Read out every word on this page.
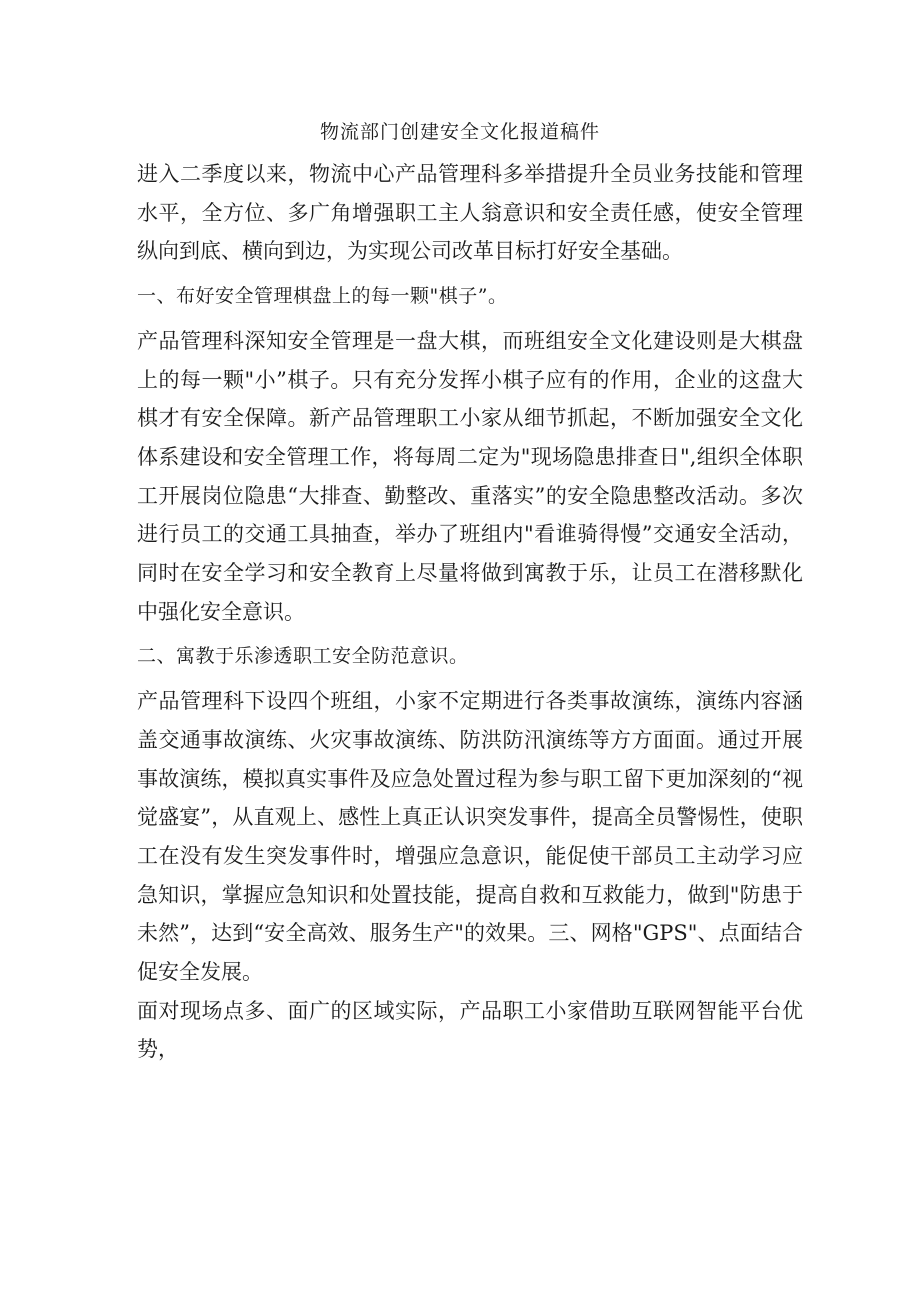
物流部门创建安全文化报道稿件

进入二季度以来，物流中心产品管理科多举措提升全员业务技能和管理水平，全方位、多广角增强职工主人翁意识和安全责任感，使安全管理纵向到底、横向到边，为实现公司改革目标打好安全基础。

一、布好安全管理棋盘上的每一颗"棋子”。

产品管理科深知安全管理是一盘大棋，而班组安全文化建设则是大棋盘上的每一颗"小”棋子。只有充分发挥小棋子应有的作用，企业的这盘大棋才有安全保障。新产品管理职工小家从细节抓起，不断加强安全文化体系建设和安全管理工作，将每周二定为"现场隐患排查日",组织全体职工开展岗位隐患“大排查、勤整改、重落实”的安全隐患整改活动。多次进行员工的交通工具抽查，举办了班组内"看谁骑得慢”交通安全活动，同时在安全学习和安全教育上尽量将做到寓教于乐，让员工在潜移默化中强化安全意识。

二、寓教于乐渗透职工安全防范意识。

产品管理科下设四个班组，小家不定期进行各类事故演练，演练内容涵盖交通事故演练、火灾事故演练、防洪防汛演练等方方面面。通过开展事故演练，模拟真实事件及应急处置过程为参与职工留下更加深刻的“视觉盛宴”，从直观上、感性上真正认识突发事件，提高全员警惕性，使职工在没有发生突发事件时，增强应急意识，能促使干部员工主动学习应急知识，掌握应急知识和处置技能，提高自救和互救能力，做到"防患于未然”，达到“安全高效、服务生产"的效果。三、网格"GPS"、点面结合促安全发展。

面对现场点多、面广的区域实际，产品职工小家借助互联网智能平台优势，
